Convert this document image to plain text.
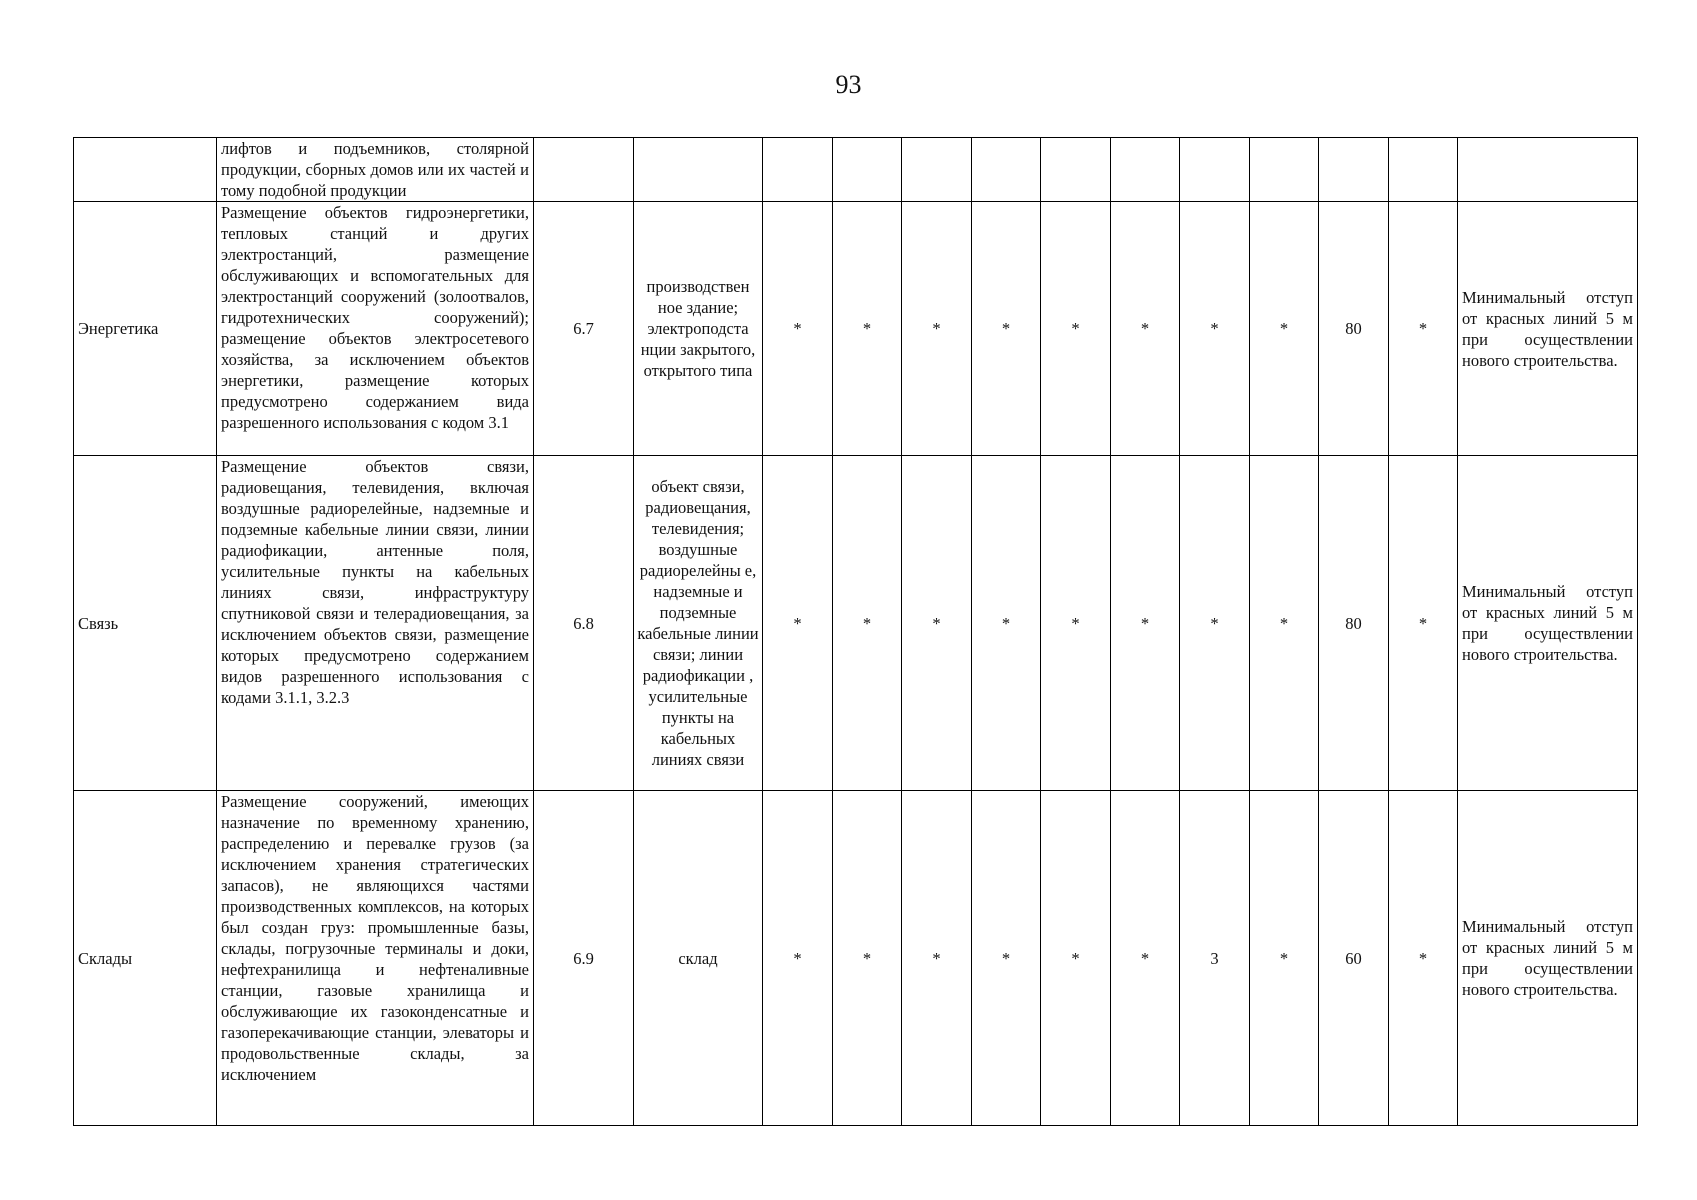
93
	лифтов и подъемников, столярной продукции, сборных домов или их частей и тому подобной продукции													
Энергетика	Размещение объектов гидроэнергетики, тепловых станций и других электростанций, размещение обслуживающих и вспомогательных для электростанций сооружений (золоотвалов, гидротехнических сооружений); размещение объектов электросетевого хозяйства, за исключением объектов энергетики, размещение которых предусмотрено содержанием вида разрешенного использования с кодом 3.1	6.7	производствен ное здание; электроподста нции закрытого, открытого типа	*	*	*	*	*	*	*	*	80	*	Минимальный отступ от красных линий 5 м при осуществлении нового строительства.
Связь	Размещение объектов связи, радиовещания, телевидения, включая воздушные радиорелейные, надземные и подземные кабельные линии связи, линии радиофикации, антенные поля, усилительные пункты на кабельных линиях связи, инфраструктуру спутниковой связи и телерадиовещания, за исключением объектов связи, размещение которых предусмотрено содержанием видов разрешенного использования с кодами 3.1.1, 3.2.3	6.8	объект связи, радиовещания, телевидения; воздушные радиорелейны е, надземные и подземные кабельные линии связи; линии радиофикации , усилительные пункты на кабельных линиях связи	*	*	*	*	*	*	*	*	80	*	Минимальный отступ от красных линий 5 м при осуществлении нового строительства.
Склады	Размещение сооружений, имеющих назначение по временному хранению, распределению и перевалке грузов (за исключением хранения стратегических запасов), не являющихся частями производственных комплексов, на которых был создан груз: промышленные базы, склады, погрузочные терминалы и доки, нефтехранилища и нефтеналивные станции, газовые хранилища и обслуживающие их газоконденсатные и газоперекачивающие станции, элеваторы и продовольственные склады, за исключением	6.9	склад	*	*	*	*	*	*	3	*	60	*	Минимальный отступ от красных линий 5 м при осуществлении нового строительства.
